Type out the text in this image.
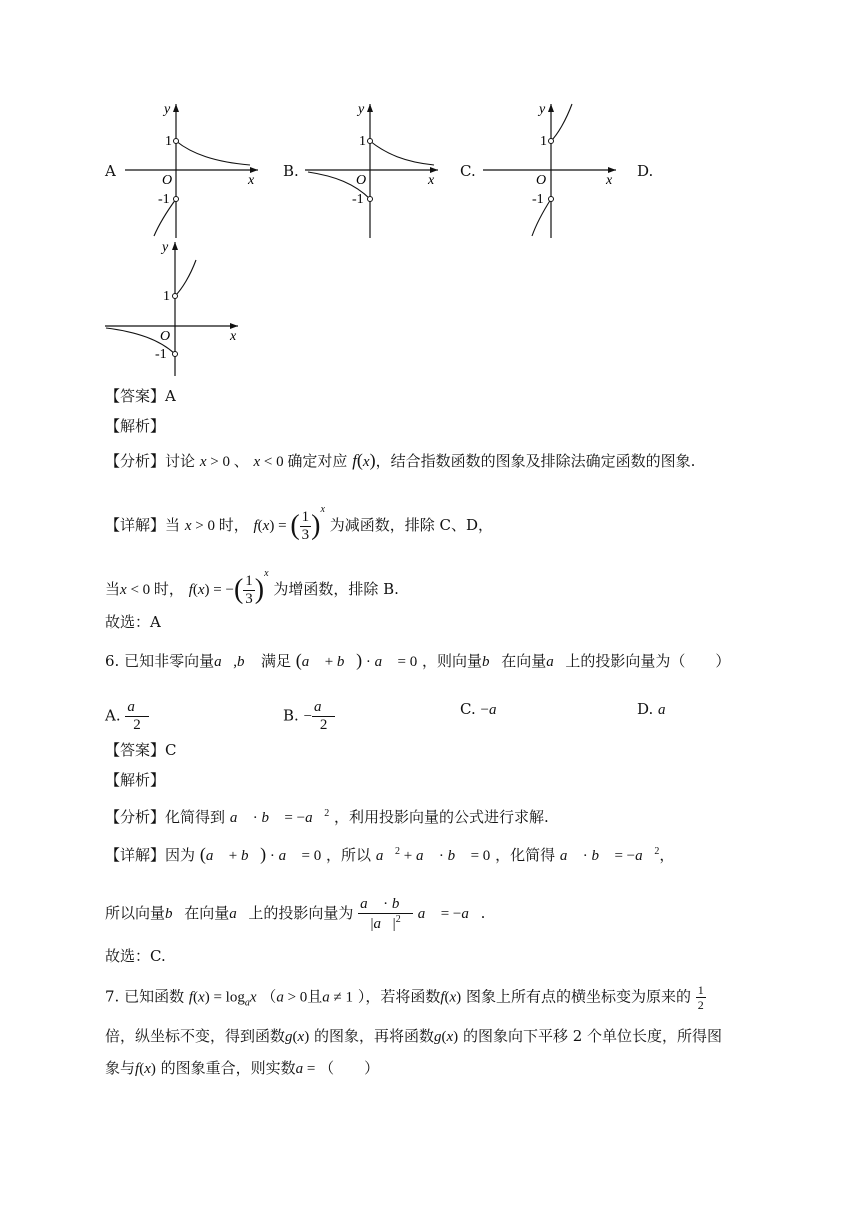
A
y
x
O
1
-1
B.
y
x
O
1
-1
C.
y
x
O
1
-1
D.
y
x
O
1
-1
【答案】A
【解析】
【分析】讨论 x > 0 、 x < 0 确定对应 f(x)，结合指数函数的图象及排除法确定函数的图象.
【详解】当 x > 0 时， f(x) = ( $\frac{1}{3} )^x$ 为减函数，排除 C、D，
当x < 0 时， f(x) = −( $\frac{1}{3} )^x$ 为增函数，排除 B.
故选：A
6. 已知非零向量a⃗,b⃗ 满足 (a⃗ + b⃗) · a⃗ = 0 ，则向量b⃗在向量a⃗上的投影向量为（　　）
A. $\frac{a⃗}{2}$	B. − $\frac{a⃗}{2}$	C. −a⃗	D. a⃗
【答案】C
【解析】
【分析】化简得到 a⃗ · b⃗ = −a⃗$^2$ ，利用投影向量的公式进行求解.
【详解】因为 (a⃗ + b⃗) · a⃗ = 0 ，所以 a⃗$^2$ + a⃗ · b⃗ = 0 ，化简得 a⃗ · b⃗ = −a⃗$^2$，
所以向量b⃗在向量a⃗上的投影向量为 $\frac{a⃗ \cdot b⃗}{|a⃗|^2}$ a⃗ = −a⃗.
故选：C.
7. 已知函数 $f(x) = \log_ax$ （a > 0且a ≠ 1 ），若将函数f(x) 图象上所有点的横坐标变为原来的 $\frac{1}{2}$
倍，纵坐标不变，得到函数g(x) 的图象，再将函数g(x) 的图象向下平移 2 个单位长度，所得图
象与f(x) 的图象重合，则实数a = （　　）
